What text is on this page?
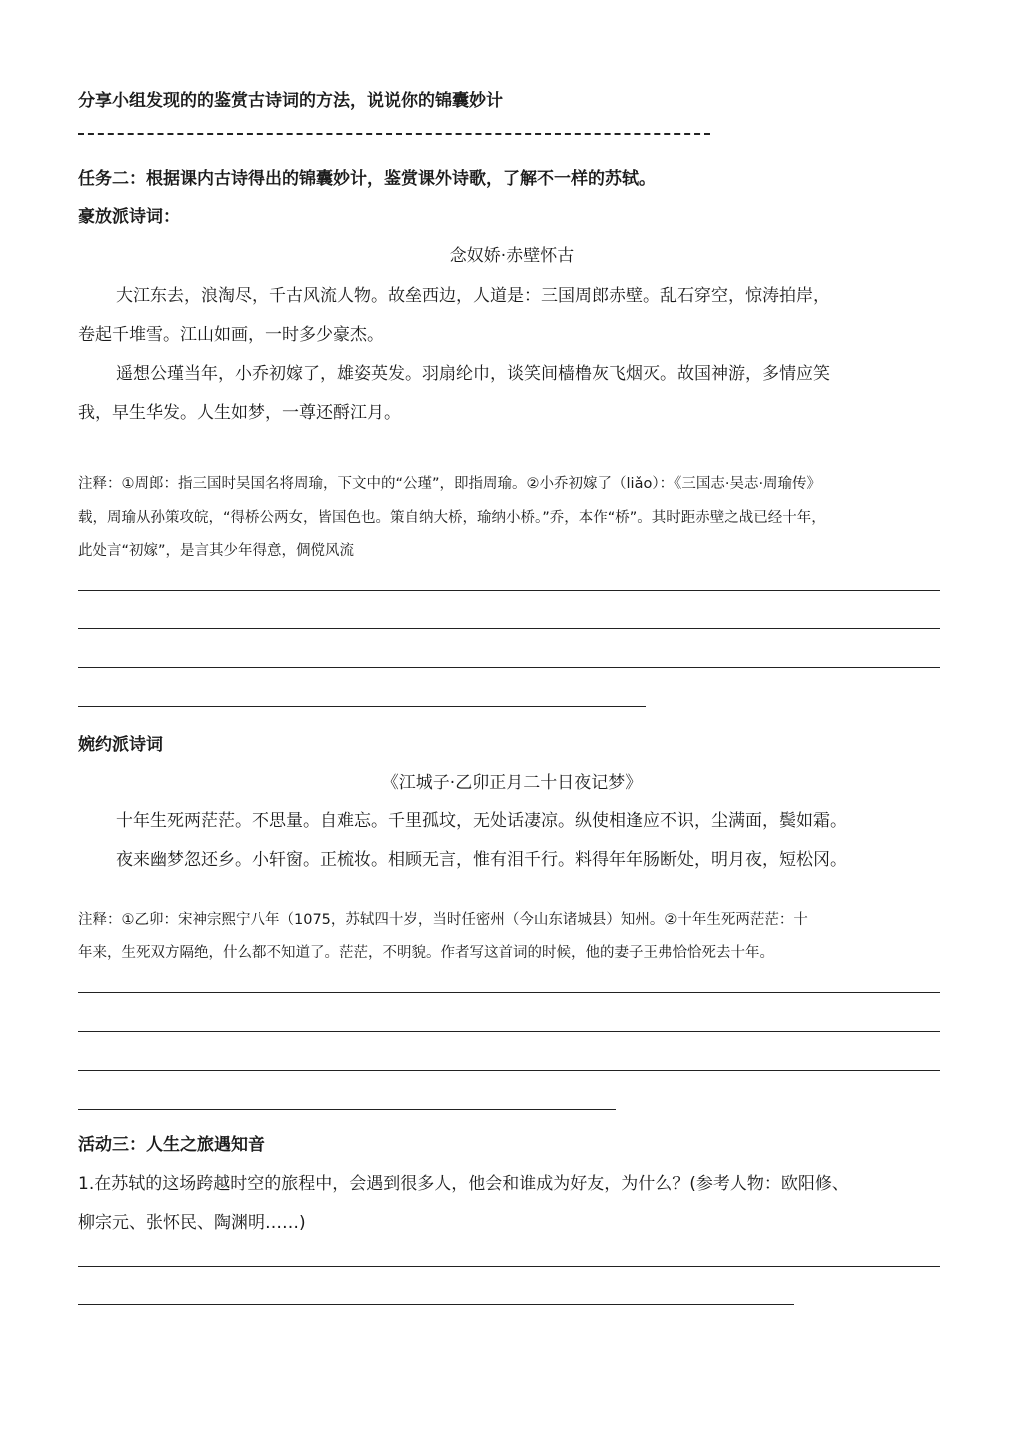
分享小组发现的的鉴赏古诗词的方法，说说你的锦囊妙计
任务二：根据课内古诗得出的锦囊妙计，鉴赏课外诗歌，了解不一样的苏轼。
豪放派诗词：
念奴娇·赤壁怀古
大江东去，浪淘尽，千古风流人物。故垒西边，人道是：三国周郎赤壁。乱石穿空，惊涛拍岸，
卷起千堆雪。江山如画，一时多少豪杰。
遥想公瑾当年，小乔初嫁了，雄姿英发。羽扇纶巾，谈笑间樯橹灰飞烟灭。故国神游，多情应笑
我，早生华发。人生如梦，一尊还酹江月。
注释：①周郎：指三国时吴国名将周瑜，下文中的“公瑾”，即指周瑜。②小乔初嫁了（liǎo）：《三国志·吴志·周瑜传》
载，周瑜从孙策攻皖，“得桥公两女，皆国色也。策自纳大桥，瑜纳小桥。”乔，本作“桥”。其时距赤壁之战已经十年，
此处言“初嫁”，是言其少年得意，倜傥风流
婉约派诗词
《江城子·乙卯正月二十日夜记梦》
十年生死两茫茫。不思量。自难忘。千里孤坟，无处话凄凉。纵使相逢应不识，尘满面，鬓如霜。
夜来幽梦忽还乡。小轩窗。正梳妆。相顾无言，惟有泪千行。料得年年肠断处，明月夜，短松冈。
注释：①乙卯：宋神宗熙宁八年（1075，苏轼四十岁，当时任密州（今山东诸城县）知州。②十年生死两茫茫：十
年来，生死双方隔绝，什么都不知道了。茫茫，不明貌。作者写这首词的时候，他的妻子王弗恰恰死去十年。
活动三：人生之旅遇知音
1.在苏轼的这场跨越时空的旅程中，会遇到很多人，他会和谁成为好友，为什么？(参考人物：欧阳修、
柳宗元、张怀民、陶渊明……)
